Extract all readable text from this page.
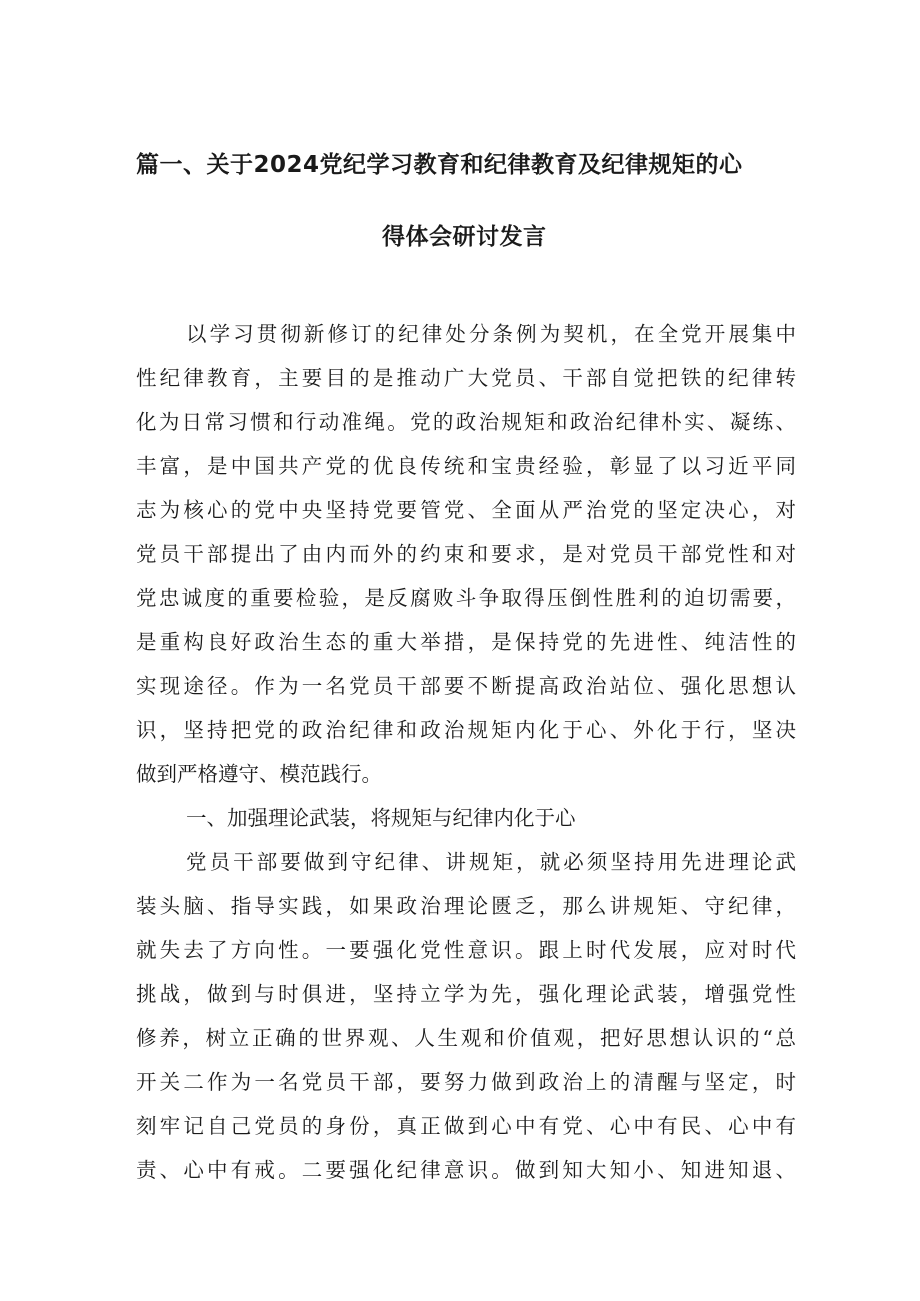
篇一、关于2024党纪学习教育和纪律教育及纪律规矩的心
得体会研讨发言
以学习贯彻新修订的纪律处分条例为契机，在全党开展集中
性纪律教育，主要目的是推动广大党员、干部自觉把铁的纪律转
化为日常习惯和行动准绳。党的政治规矩和政治纪律朴实、凝练、
丰富，是中国共产党的优良传统和宝贵经验，彰显了以习近平同
志为核心的党中央坚持党要管党、全面从严治党的坚定决心，对
党员干部提出了由内而外的约束和要求，是对党员干部党性和对
党忠诚度的重要检验，是反腐败斗争取得压倒性胜利的迫切需要，
是重构良好政治生态的重大举措，是保持党的先进性、纯洁性的
实现途径。作为一名党员干部要不断提高政治站位、强化思想认
识，坚持把党的政治纪律和政治规矩内化于心、外化于行，坚决
做到严格遵守、模范践行。
一、加强理论武装，将规矩与纪律内化于心
党员干部要做到守纪律、讲规矩，就必须坚持用先进理论武
装头脑、指导实践，如果政治理论匮乏，那么讲规矩、守纪律，
就失去了方向性。一要强化党性意识。跟上时代发展，应对时代
挑战，做到与时俱进，坚持立学为先，强化理论武装，增强党性
修养，树立正确的世界观、人生观和价值观，把好思想认识的“总
开关二作为一名党员干部，要努力做到政治上的清醒与坚定，时
刻牢记自己党员的身份，真正做到心中有党、心中有民、心中有
责、心中有戒。二要强化纪律意识。做到知大知小、知进知退、
